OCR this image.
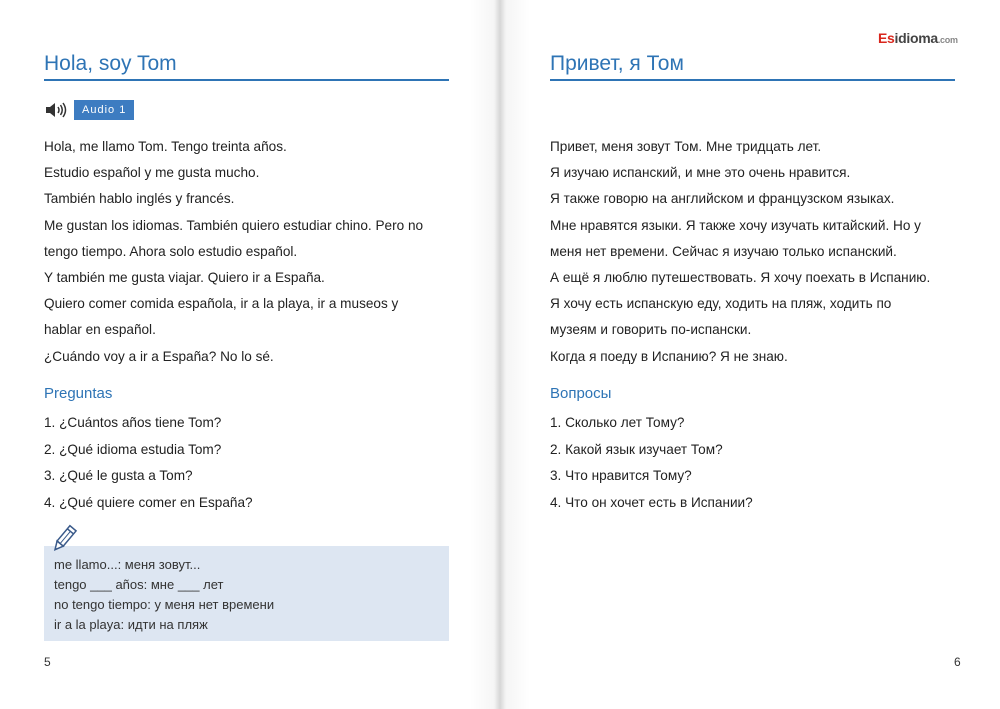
Hola, soy Tom
Audio 1

Hola, me llamo Tom. Tengo treinta años.

Estudio español y me gusta mucho.

También hablo inglés y francés.

Me gustan los idiomas. También quiero estudiar chino. Pero no

tengo tiempo. Ahora solo estudio español.

Y también me gusta viajar. Quiero ir a España.

Quiero comer comida española, ir a la playa, ir a museos y

hablar en español.

¿Cuándo voy a ir a España? No lo sé.

Preguntas
1. ¿Cuántos años tiene Tom?
2. ¿Qué idioma estudia Tom?
3. ¿Qué le gusta a Tom?
4. ¿Qué quiere comer en España?
me llamo...: меня зовут...
tengo ___ años: мне ___ лет
no tengo tiempo: у меня нет времени
ir a la playa: идти на пляж
5
Привет, я Том

Привет, меня зовут Том. Мне тридцать лет.

Я изучаю испанский, и мне это очень нравится.

Я также говорю на английском и французском языках.

Мне нравятся языки. Я также хочу изучать китайский. Но у

меня нет времени. Сейчас я изучаю только испанский.

А ещё я люблю путешествовать. Я хочу поехать в Испанию.

Я хочу есть испанскую еду, ходить на пляж, ходить по

музеям и говорить по-испански.

Когда я поеду в Испанию? Я не знаю.

Вопросы
1. Сколько лет Тому?
2. Какой язык изучает Том?
3. Что нравится Тому?
4. Что он хочет есть в Испании?
6
Esidioma.com
